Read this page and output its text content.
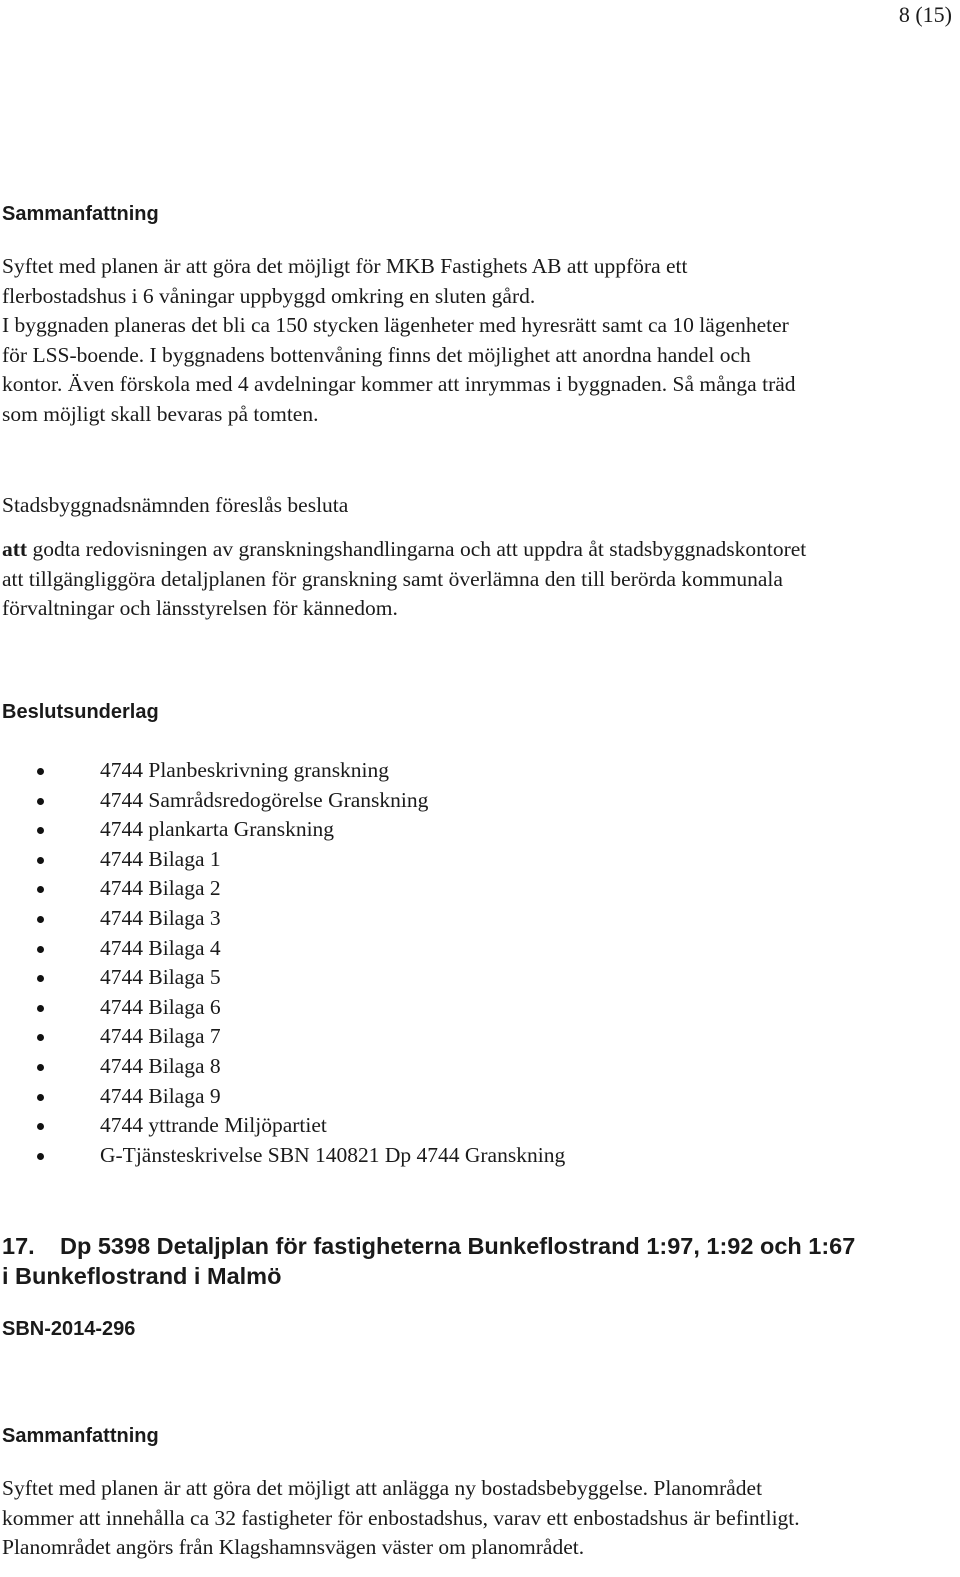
8 (15)
Sammanfattning
Syftet med planen är att göra det möjligt för MKB Fastighets AB att uppföra ett
flerbostadshus i 6 våningar uppbyggd omkring en sluten gård.
I byggnaden planeras det bli ca 150 stycken lägenheter med hyresrätt samt ca 10 lägenheter
för LSS-boende. I byggnadens bottenvåning finns det möjlighet att anordna handel och
kontor. Även förskola med 4 avdelningar kommer att inrymmas i byggnaden. Så många träd
som möjligt skall bevaras på tomten.
Stadsbyggnadsnämnden föreslås besluta
att godta redovisningen av granskningshandlingarna och att uppdra åt stadsbyggnadskontoret
att tillgängliggöra detaljplanen för granskning samt överlämna den till berörda kommunala
förvaltningar och länsstyrelsen för kännedom.
Beslutsunderlag
4744 Planbeskrivning granskning
4744 Samrådsredogörelse Granskning
4744 plankarta Granskning
4744 Bilaga 1
4744 Bilaga 2
4744 Bilaga 3
4744 Bilaga 4
4744 Bilaga 5
4744 Bilaga 6
4744 Bilaga 7
4744 Bilaga 8
4744 Bilaga 9
4744 yttrande Miljöpartiet
G-Tjänsteskrivelse SBN 140821 Dp 4744 Granskning
17. Dp 5398 Detaljplan för fastigheterna Bunkeflostrand 1:97, 1:92 och 1:67
i Bunkeflostrand i Malmö
SBN-2014-296
Sammanfattning
Syftet med planen är att göra det möjligt att anlägga ny bostadsbebyggelse. Planområdet
kommer att innehålla ca 32 fastigheter för enbostadshus, varav ett enbostadshus är befintligt.
Planområdet angörs från Klagshamnsvägen väster om planområdet.
